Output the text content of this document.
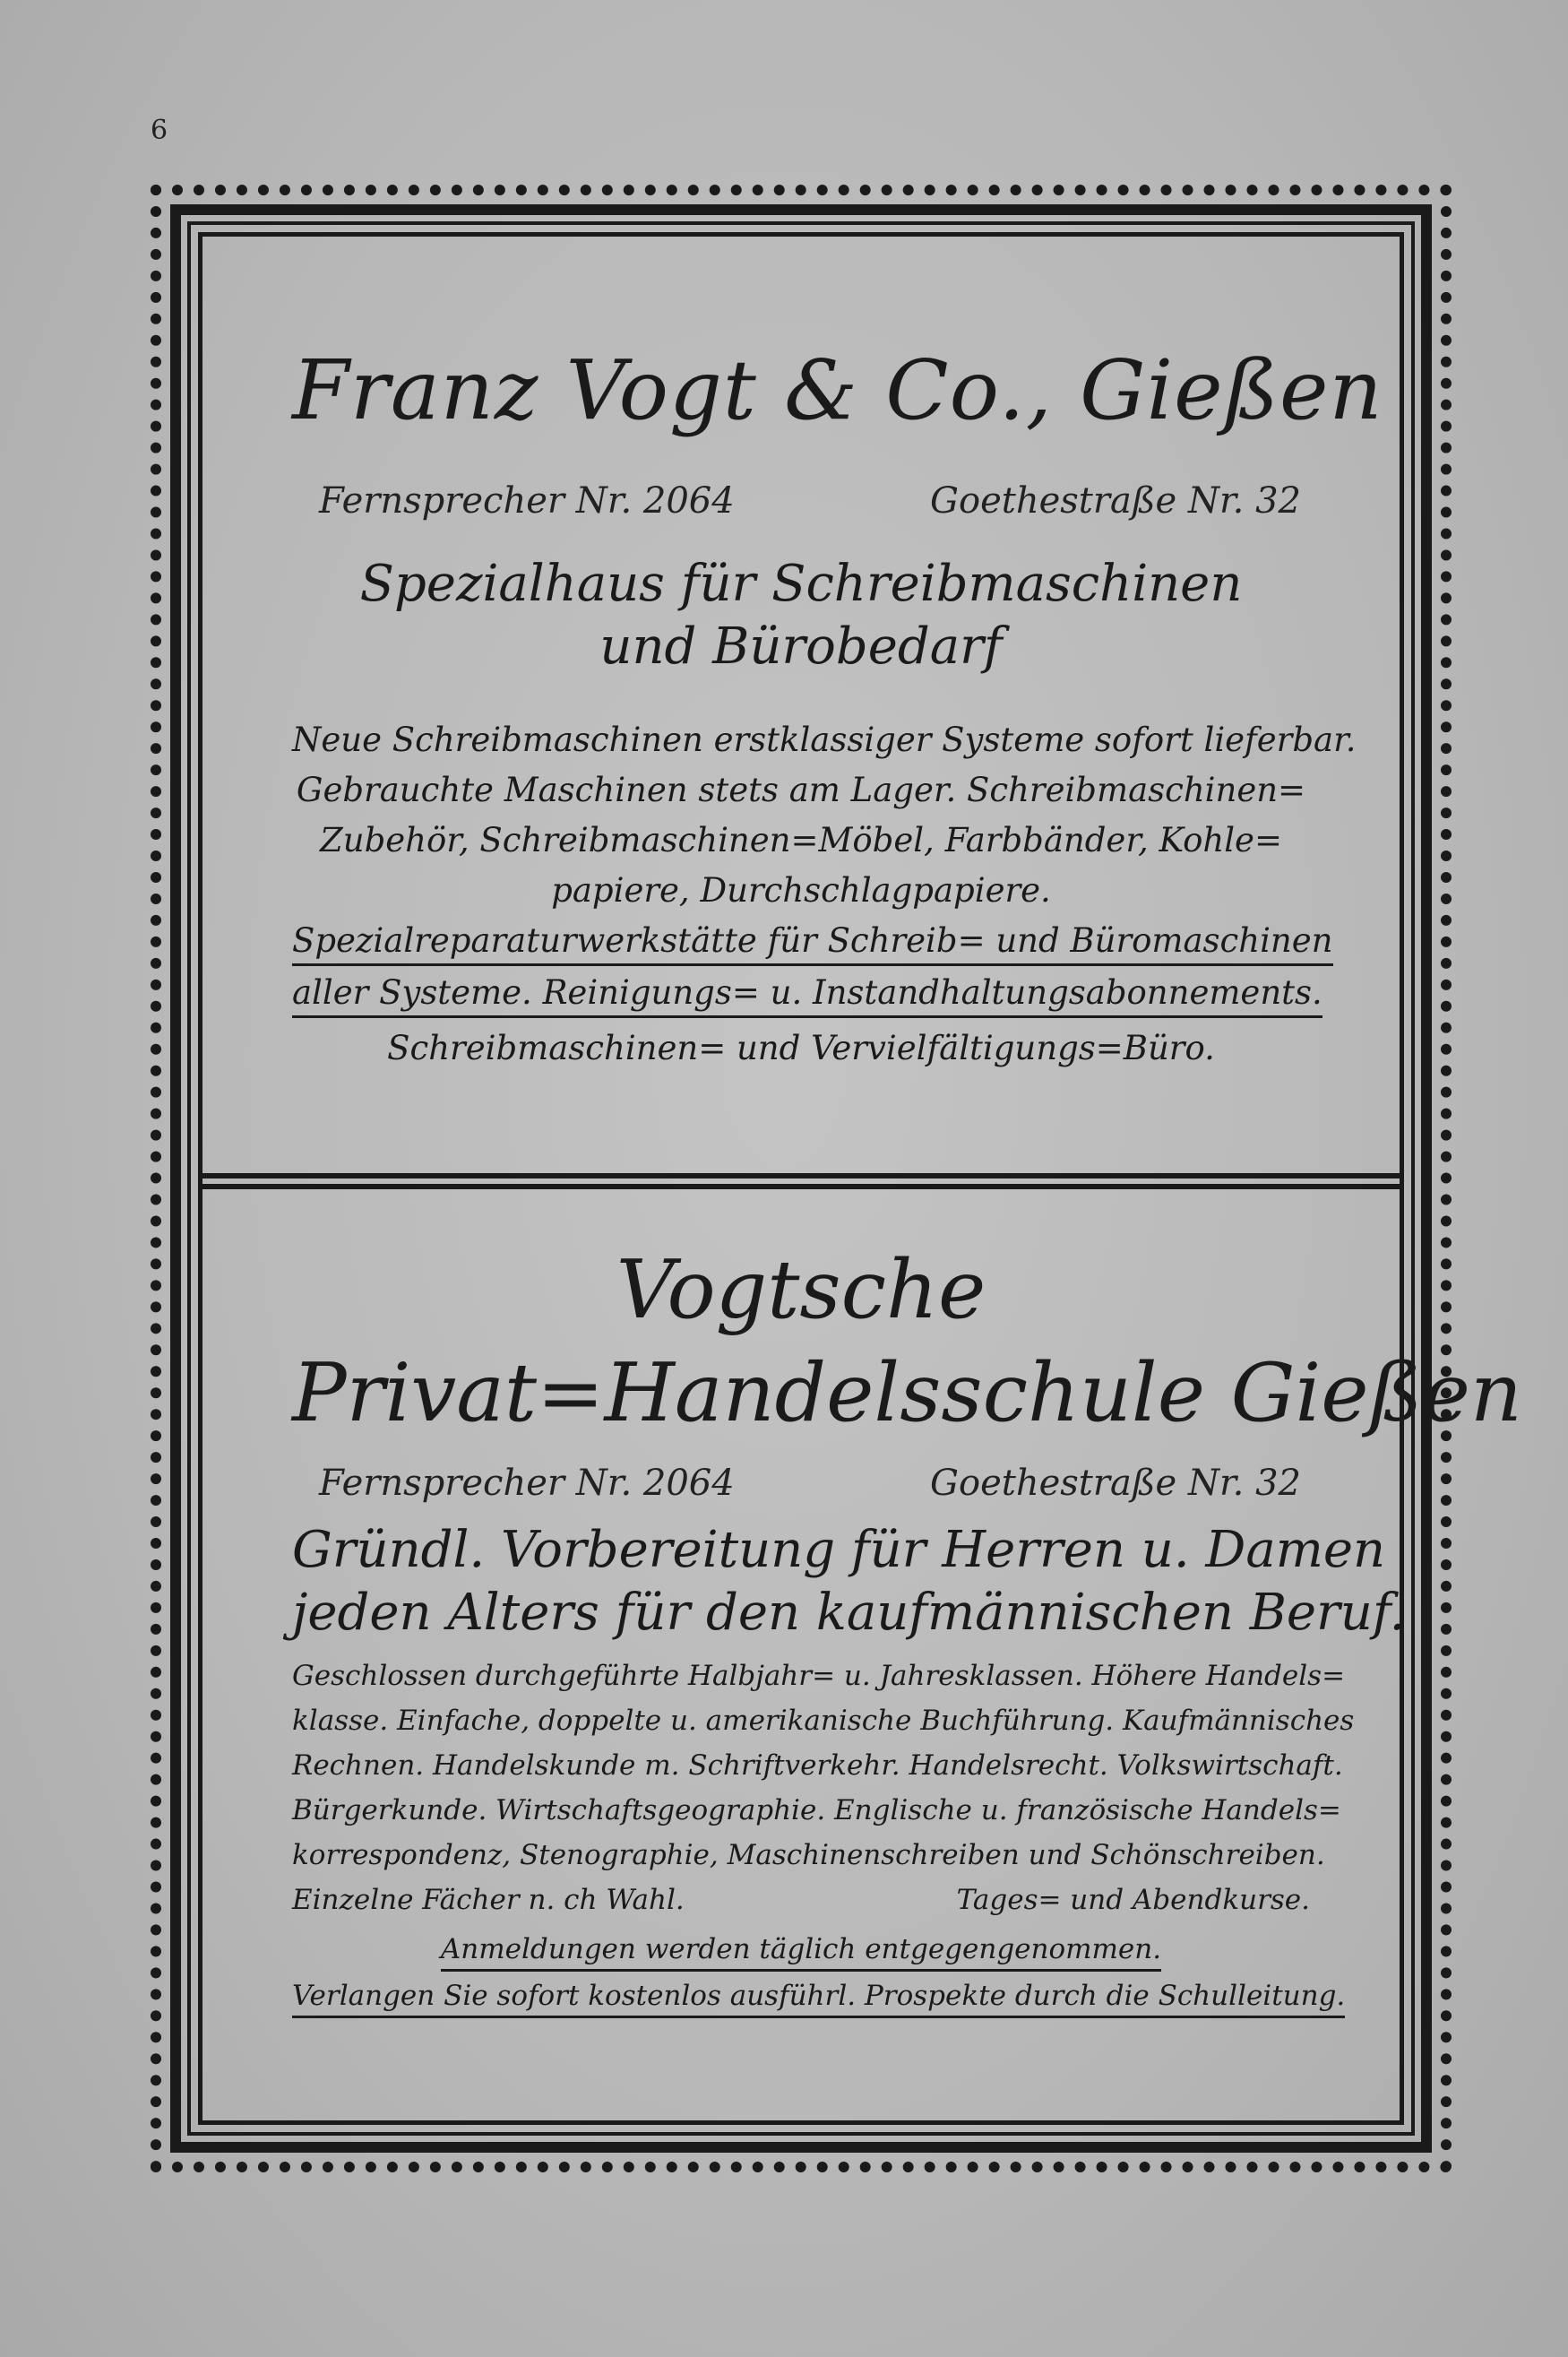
6
Franz Vogt & Co., Gießen
Fernsprecher Nr. 2064	Goethestraße Nr. 32
Spezialhaus für Schreibmaschinen
und Bürobedarf
Neue Schreibmaschinen erstklassiger Systeme sofort lieferbar.
Gebrauchte Maschinen stets am Lager. Schreibmaschinen=
Zubehör, Schreibmaschinen=Möbel, Farbbänder, Kohle=
papiere, Durchschlagpapiere.
Spezialreparaturwerkstätte für Schreib= und Büromaschinen
aller Systeme. Reinigungs= u. Instandhaltungsabonnements.
Schreibmaschinen= und Vervielfältigungs=Büro.
Vogtsche
Privat=Handelsschule Gießen
Fernsprecher Nr. 2064	Goethestraße Nr. 32
Gründl. Vorbereitung für Herren u. Damen
jeden Alters für den kaufmännischen Beruf.
Geschlossen durchgeführte Halbjahr= u. Jahresklassen. Höhere Handels=
klasse. Einfache, doppelte u. amerikanische Buchführung. Kaufmännisches
Rechnen. Handelskunde m. Schriftverkehr. Handelsrecht. Volkswirtschaft.
Bürgerkunde. Wirtschaftsgeographie. Englische u. französische Handels=
korrespondenz, Stenographie, Maschinenschreiben und Schönschreiben.
Einzelne Fächer n. ch Wahl.	Tages= und Abendkurse.
Anmeldungen werden täglich entgegengenommen.
Verlangen Sie sofort kostenlos ausführl. Prospekte durch die Schulleitung.
